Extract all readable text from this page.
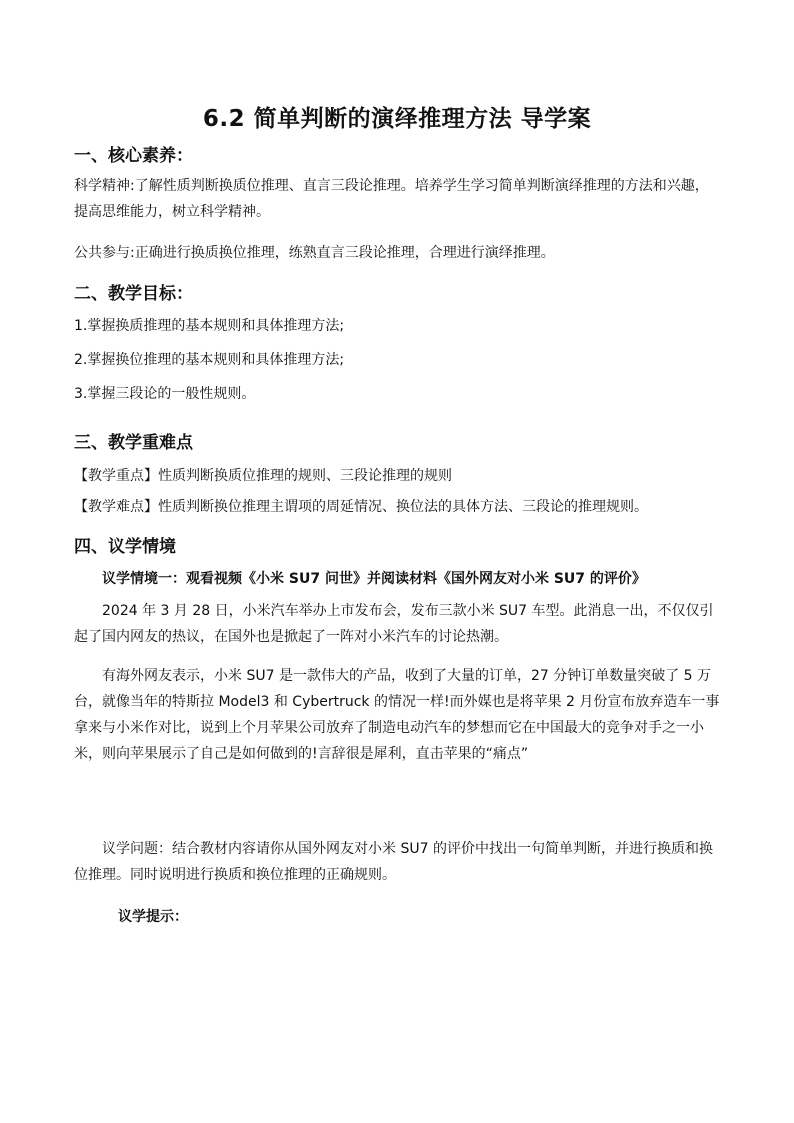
6.2 简单判断的演绎推理方法 导学案
一、核心素养：

科学精神:了解性质判断换质位推理、直言三段论推理。培养学生学习简单判断演绎推理的方法和兴趣，提高思维能力，树立科学精神。

公共参与:正确进行换质换位推理，练熟直言三段论推理，合理进行演绎推理。

二、教学目标：

1.掌握换质推理的基本规则和具体推理方法;

2.掌握换位推理的基本规则和具体推理方法;

3.掌握三段论的一般性规则。

三、教学重难点

【教学重点】性质判断换质位推理的规则、三段论推理的规则

【教学难点】性质判断换位推理主谓项的周延情况、换位法的具体方法、三段论的推理规则。

四、议学情境

议学情境一：观看视频《小米 SU7 问世》并阅读材料《国外网友对小米 SU7 的评价》

2024 年 3 月 28 日，小米汽车举办上市发布会，发布三款小米 SU7 车型。此消息一出，不仅仅引起了国内网友的热议，在国外也是掀起了一阵对小米汽车的讨论热潮。

有海外网友表示，小米 SU7 是一款伟大的产品，收到了大量的订单，27 分钟订单数量突破了 5 万台，就像当年的特斯拉 Model3 和 Cybertruck 的情况一样!而外媒也是将苹果 2 月份宣布放弃造车一事拿来与小米作对比，说到上个月苹果公司放弃了制造电动汽车的梦想而它在中国最大的竞争对手之一小米，则向苹果展示了自己是如何做到的!言辞很是犀利，直击苹果的“痛点”

议学问题：结合教材内容请你从国外网友对小米 SU7 的评价中找出一句简单判断，并进行换质和换位推理。同时说明进行换质和换位推理的正确规则。

议学提示：
